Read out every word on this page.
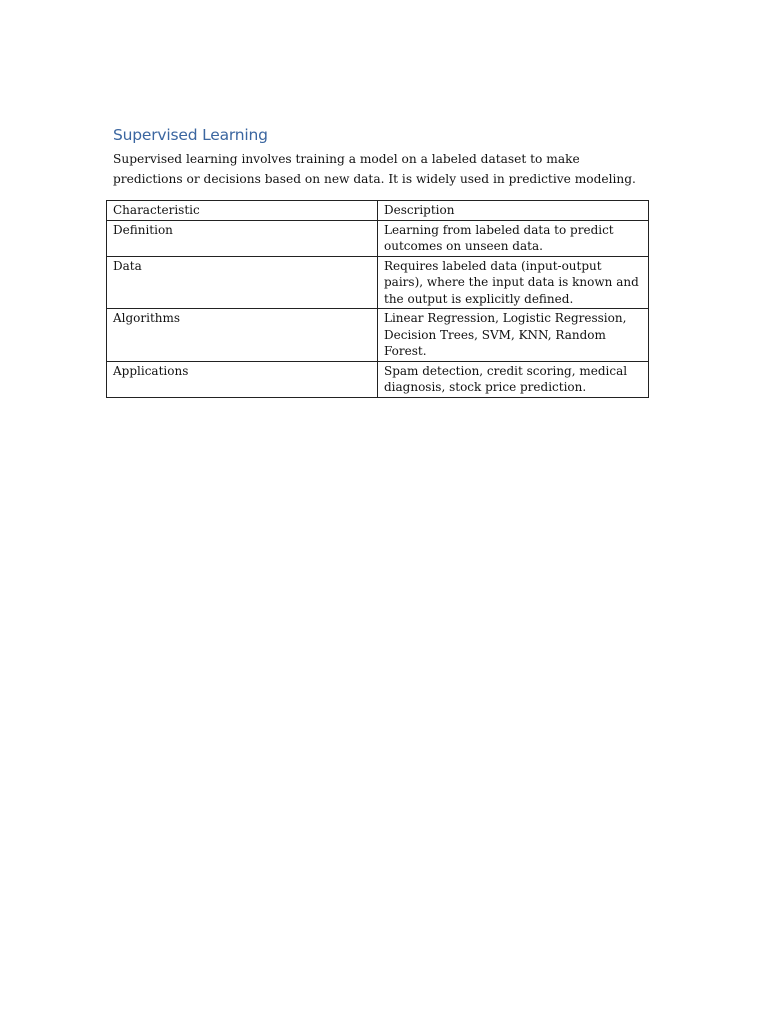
Supervised Learning

Supervised learning involves training a model on a labeled dataset to make predictions or decisions based on new data. It is widely used in predictive modeling.

Characteristic	Description
Definition	Learning from labeled data to predict outcomes on unseen data.
Data	Requires labeled data (input-output pairs), where the input data is known and the output is explicitly defined.
Algorithms	Linear Regression, Logistic Regression, Decision Trees, SVM, KNN, Random Forest.
Applications	Spam detection, credit scoring, medical diagnosis, stock price prediction.
